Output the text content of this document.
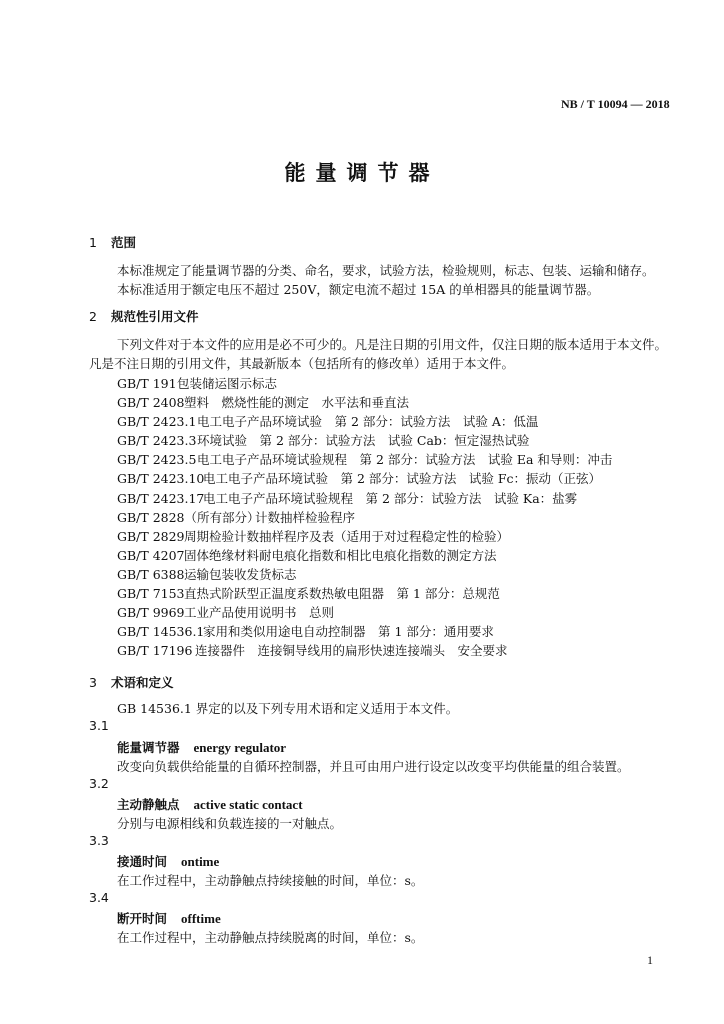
NB / T 10094 — 2018
能量调节器
1 范围
本标准规定了能量调节器的分类、命名，要求，试验方法，检验规则，标志、包装、运输和储存。
本标准适用于额定电压不超过 250V，额定电流不超过 15A 的单相器具的能量调节器。
2 规范性引用文件
下列文件对于本文件的应用是必不可少的。凡是注日期的引用文件，仅注日期的版本适用于本文件。
凡是不注日期的引用文件，其最新版本（包括所有的修改单）适用于本文件。
GB/T 191包装储运图示标志
GB/T 2408塑料　燃烧性能的测定　水平法和垂直法
GB/T 2423.1电工电子产品环境试验　第 2 部分：试验方法　试验 A：低温
GB/T 2423.3环境试验　第 2 部分：试验方法　试验 Cab：恒定湿热试验
GB/T 2423.5电工电子产品环境试验规程　第 2 部分：试验方法　试验 Ea 和导则：冲击
GB/T 2423.10电工电子产品环境试验　第 2 部分：试验方法　试验 Fc：振动（正弦）
GB/T 2423.17电工电子产品环境试验规程　第 2 部分：试验方法　试验 Ka：盐雾
GB/T 2828（所有部分）计数抽样检验程序
GB/T 2829周期检验计数抽样程序及表（适用于对过程稳定性的检验）
GB/T 4207固体绝缘材料耐电痕化指数和相比电痕化指数的测定方法
GB/T 6388运输包装收发货标志
GB/T 7153直热式阶跃型正温度系数热敏电阻器　第 1 部分：总规范
GB/T 9969工业产品使用说明书　总则
GB/T 14536.1家用和类似用途电自动控制器　第 1 部分：通用要求
GB/T 17196 连接器件　连接铜导线用的扁形快速连接端头　安全要求
3 术语和定义
GB 14536.1 界定的以及下列专用术语和定义适用于本文件。
3.1
能量调节器 energy regulator
改变向负载供给能量的自循环控制器，并且可由用户进行设定以改变平均供能量的组合装置。
3.2
主动静触点 active static contact
分别与电源相线和负载连接的一对触点。
3.3
接通时间 ontime
在工作过程中，主动静触点持续接触的时间，单位：s。
3.4
断开时间 offtime
在工作过程中，主动静触点持续脱离的时间，单位：s。
1
